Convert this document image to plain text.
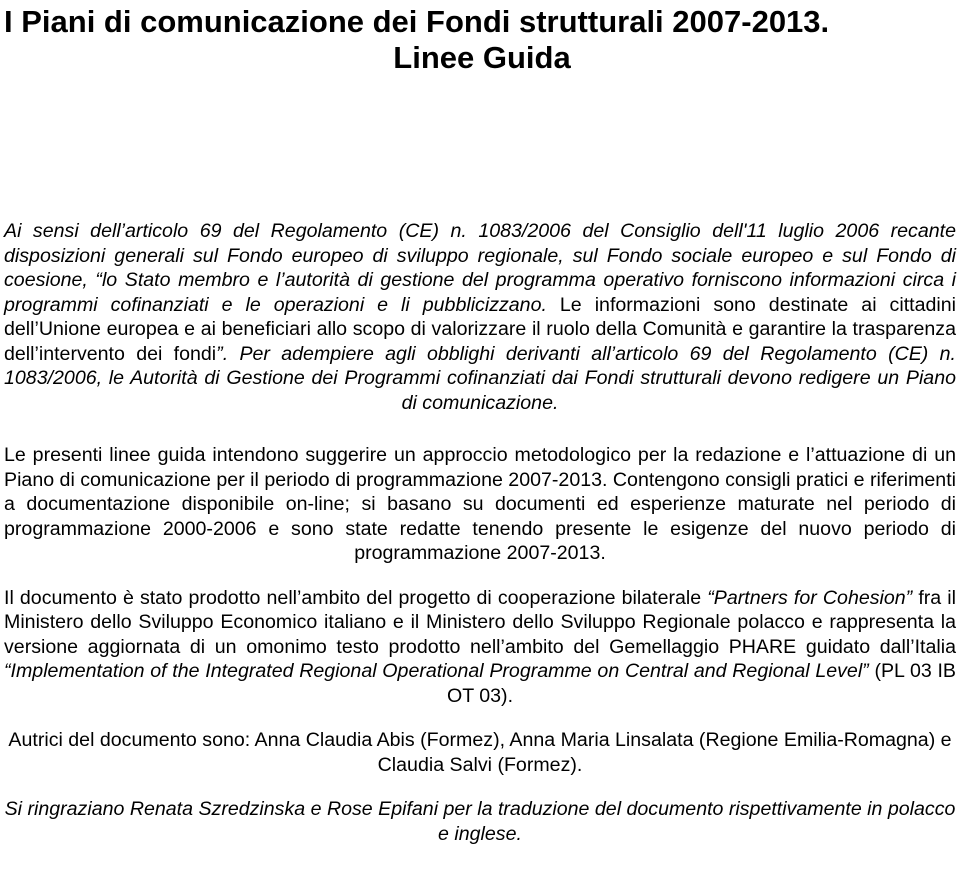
I Piani di comunicazione dei Fondi strutturali 2007-2013.
Linee Guida

Ai sensi dell’articolo 69 del Regolamento (CE) n. 1083/2006 del Consiglio dell'11 luglio 2006 recante disposizioni generali sul Fondo europeo di sviluppo regionale, sul Fondo sociale europeo e sul Fondo di coesione, “lo Stato membro e l’autorità di gestione del programma operativo forniscono informazioni circa i programmi cofinanziati e le operazioni e li pubblicizzano. Le informazioni sono destinate ai cittadini dell’Unione europea e ai beneficiari allo scopo di valorizzare il ruolo della Comunità e garantire la trasparenza dell’intervento dei fondi”. Per adempiere agli obblighi derivanti all’articolo 69 del Regolamento (CE) n. 1083/2006, le Autorità di Gestione dei Programmi cofinanziati dai Fondi strutturali devono redigere un Piano di comunicazione.

Le presenti linee guida intendono suggerire un approccio metodologico per la redazione e l’attuazione di un Piano di comunicazione per il periodo di programmazione 2007-2013. Contengono consigli pratici e riferimenti a documentazione disponibile on-line; si basano su documenti ed esperienze maturate nel periodo di programmazione 2000-2006 e sono state redatte tenendo presente le esigenze del nuovo periodo di programmazione 2007-2013.

Il documento è stato prodotto nell’ambito del progetto di cooperazione bilaterale “Partners for Cohesion” fra il Ministero dello Sviluppo Economico italiano e il Ministero dello Sviluppo Regionale polacco e rappresenta la versione aggiornata di un omonimo testo prodotto nell’ambito del Gemellaggio PHARE guidato dall’Italia “Implementation of the Integrated Regional Operational Programme on Central and Regional Level” (PL 03 IB OT 03).

Autrici del documento sono: Anna Claudia Abis (Formez), Anna Maria Linsalata (Regione Emilia-Romagna) e Claudia Salvi (Formez).

Si ringraziano Renata Szredzinska e Rose Epifani per la traduzione del documento rispettivamente in polacco e inglese.
